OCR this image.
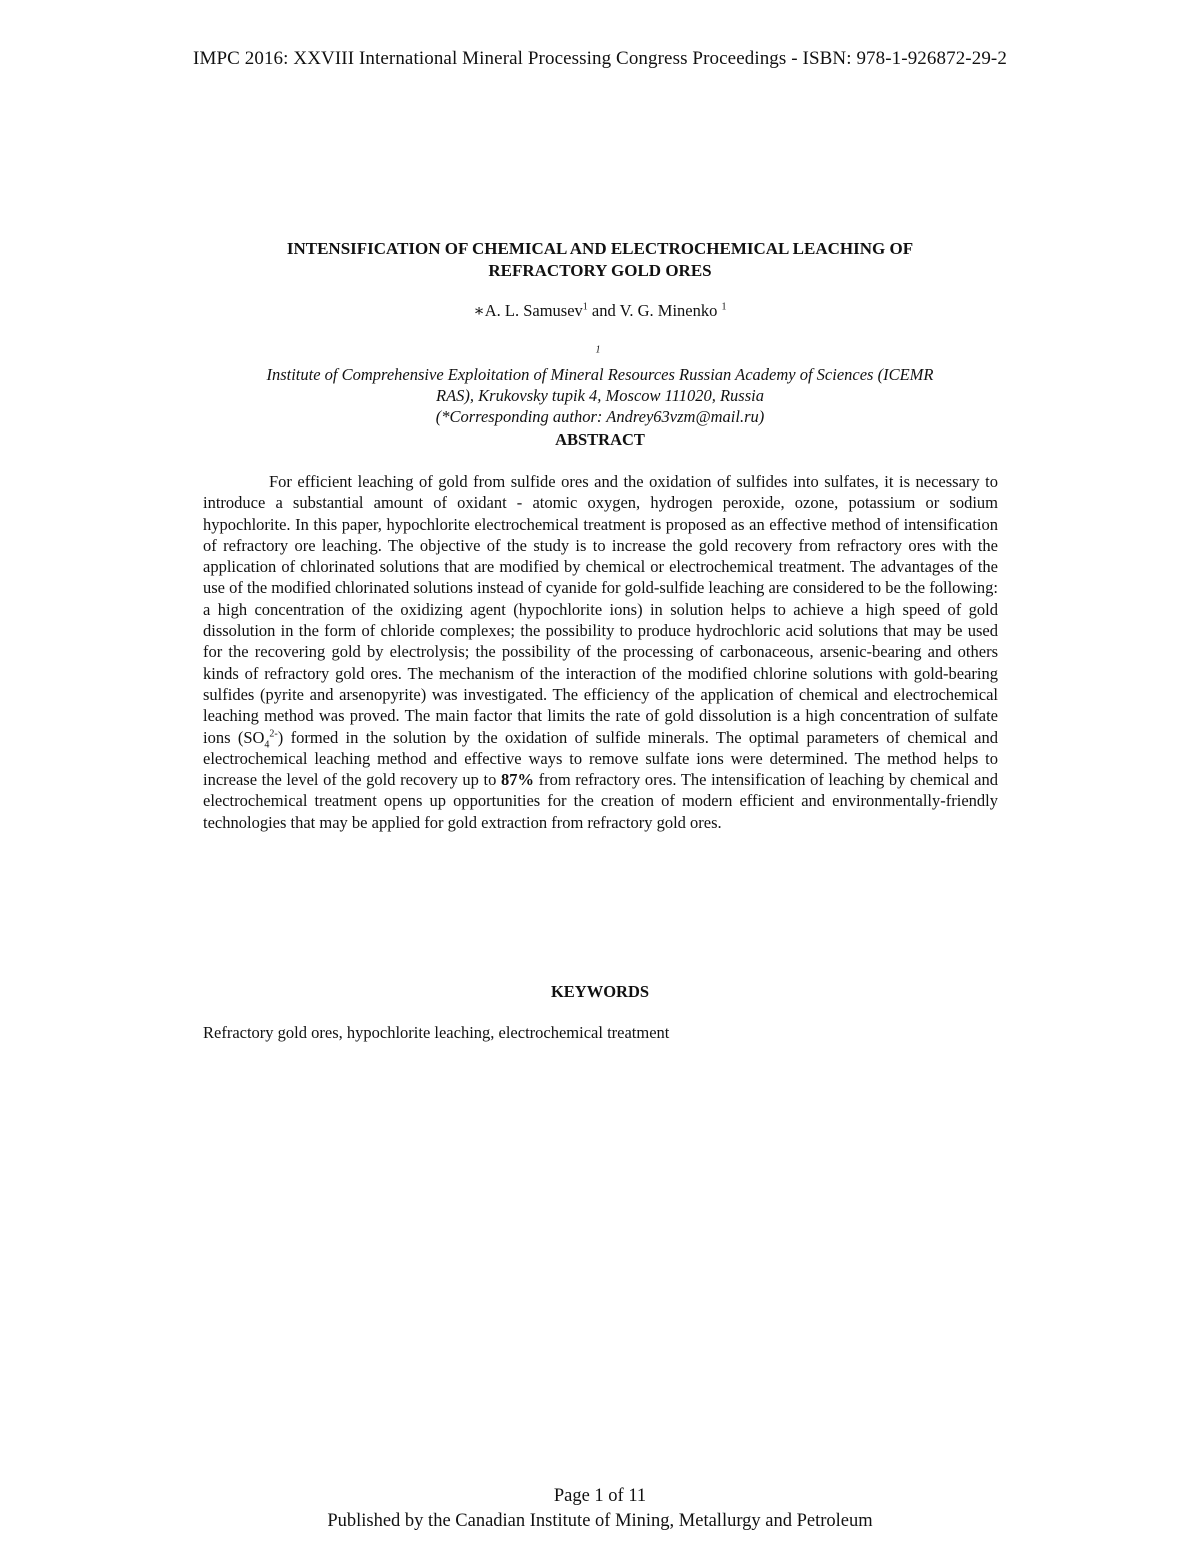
IMPC 2016: XXVIII International Mineral Processing Congress Proceedings - ISBN: 978-1-926872-29-2
INTENSIFICATION OF CHEMICAL AND ELECTROCHEMICAL LEACHING OF
REFRACTORY GOLD ORES
∗A. L. Samusev$^1$ and V. G. Minenko $^1$
$^1$
Institute of Comprehensive Exploitation of Mineral Resources Russian Academy of Sciences (ICEMR
RAS), Krukovsky tupik 4, Moscow 111020, Russia
(*Corresponding author: Andrey63vzm@mail.ru)
ABSTRACT

For efficient leaching of gold from sulfide ores and the oxidation of sulfides into sulfates, it is necessary to introduce a substantial amount of oxidant - atomic oxygen, hydrogen peroxide, ozone, potassium or sodium hypochlorite. In this paper, hypochlorite electrochemical treatment is proposed as an effective method of intensification of refractory ore leaching. The objective of the study is to increase the gold recovery from refractory ores with the application of chlorinated solutions that are modified by chemical or electrochemical treatment. The advantages of the use of the modified chlorinated solutions instead of cyanide for gold-sulfide leaching are considered to be the following: a high concentration of the oxidizing agent (hypochlorite ions) in solution helps to achieve a high speed of gold dissolution in the form of chloride complexes; the possibility to produce hydrochloric acid solutions that may be used for the recovering gold by electrolysis; the possibility of the processing of carbonaceous, arsenic-bearing and others kinds of refractory gold ores. The mechanism of the interaction of the modified chlorine solutions with gold-bearing sulfides (pyrite and arsenopyrite) was investigated. The efficiency of the application of chemical and electrochemical leaching method was proved. The main factor that limits the rate of gold dissolution is a high concentration of sulfate ions $(SO_4^{2-})$ formed in the solution by the oxidation of sulfide minerals. The optimal parameters of chemical and electrochemical leaching method and effective ways to remove sulfate ions were determined. The method helps to increase the level of the gold recovery up to 87% from refractory ores. The intensification of leaching by chemical and electrochemical treatment opens up opportunities for the creation of modern efficient and environmentally-friendly technologies that may be applied for gold extraction from refractory gold ores.

KEYWORDS

Refractory gold ores, hypochlorite leaching, electrochemical treatment

Page 1 of 11
Published by the Canadian Institute of Mining, Metallurgy and Petroleum
